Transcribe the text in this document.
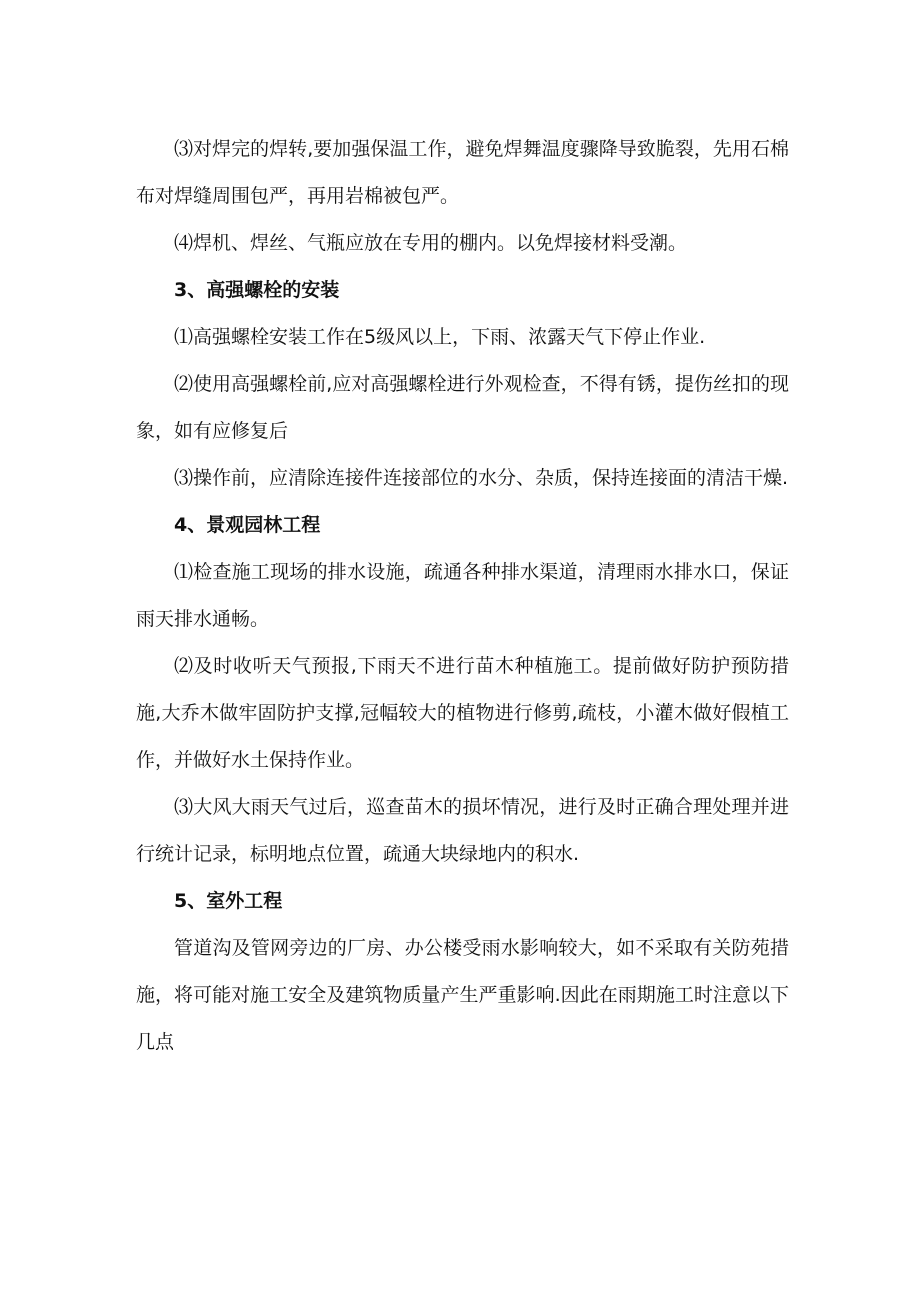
⑶对焊完的焊转,要加强保温工作，避免焊舞温度骤降导致脆裂，先用石棉布对焊缝周围包严，再用岩棉被包严。

⑷焊机、焊丝、气瓶应放在专用的棚内。以免焊接材料受潮。

3、高强螺栓的安装

⑴高强螺栓安装工作在5级风以上，下雨、浓露天气下停止作业.

⑵使用高强螺栓前,应对高强螺栓进行外观检查，不得有锈，提伤丝扣的现象，如有应修复后

⑶操作前，应清除连接件连接部位的水分、杂质，保持连接面的清洁干燥.

4、景观园林工程

⑴检查施工现场的排水设施，疏通各种排水渠道，清理雨水排水口，保证雨天排水通畅。

⑵及时收听天气预报,下雨天不进行苗木种植施工。提前做好防护预防措施,大乔木做牢固防护支撑,冠幅较大的植物进行修剪,疏枝，小灌木做好假植工作，并做好水土保持作业。

⑶大风大雨天气过后，巡查苗木的损坏情况，进行及时正确合理处理并进行统计记录，标明地点位置，疏通大块绿地内的积水.

5、室外工程

管道沟及管网旁边的厂房、办公楼受雨水影响较大，如不采取有关防苑措施，将可能对施工安全及建筑物质量产生严重影响.因此在雨期施工时注意以下几点
